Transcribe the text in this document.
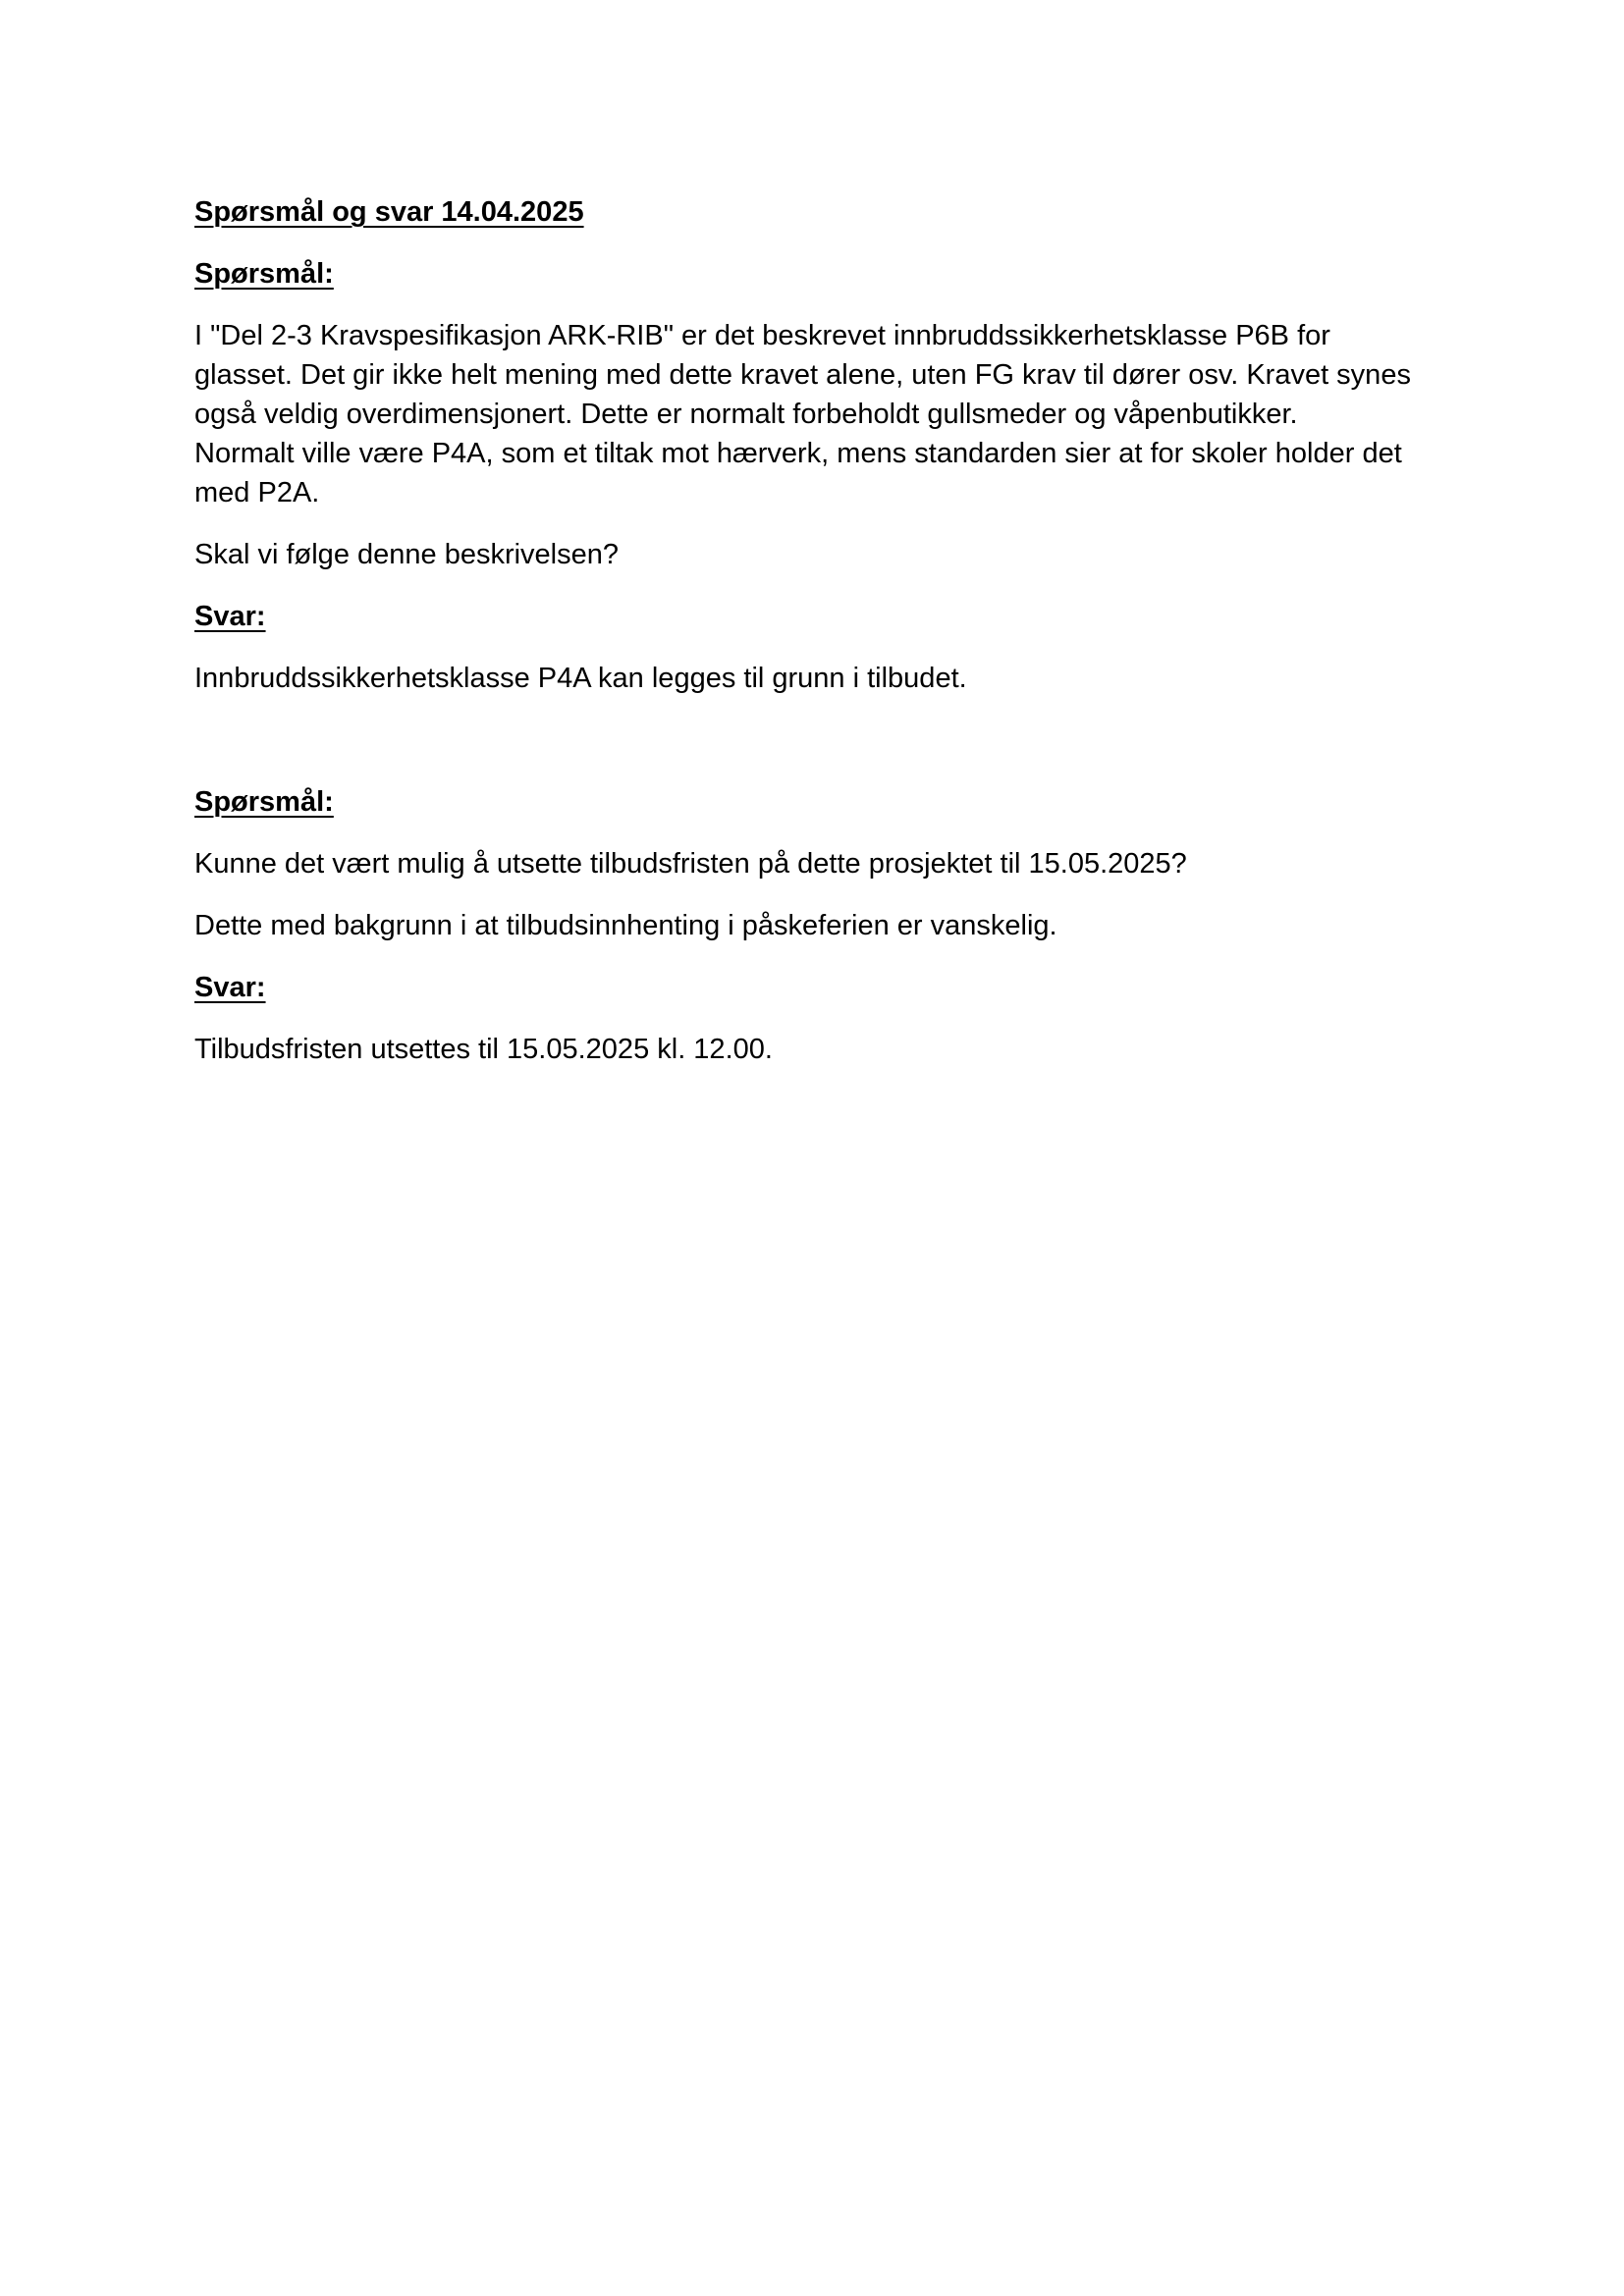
Spørsmål og svar 14.04.2025

Spørsmål:

I "Del 2-3 Kravspesifikasjon ARK-RIB" er det beskrevet innbruddssikkerhetsklasse P6B for

glasset. Det gir ikke helt mening med dette kravet alene, uten FG krav til dører osv. Kravet synes

også veldig overdimensjonert. Dette er normalt forbeholdt gullsmeder og våpenbutikker.

Normalt ville være P4A, som et tiltak mot hærverk, mens standarden sier at for skoler holder det

med P2A.

Skal vi følge denne beskrivelsen?

Svar:

Innbruddssikkerhetsklasse P4A kan legges til grunn i tilbudet.

Spørsmål:

Kunne det vært mulig å utsette tilbudsfristen på dette prosjektet til 15.05.2025?

Dette med bakgrunn i at tilbudsinnhenting i påskeferien er vanskelig.

Svar:

Tilbudsfristen utsettes til 15.05.2025 kl. 12.00.
